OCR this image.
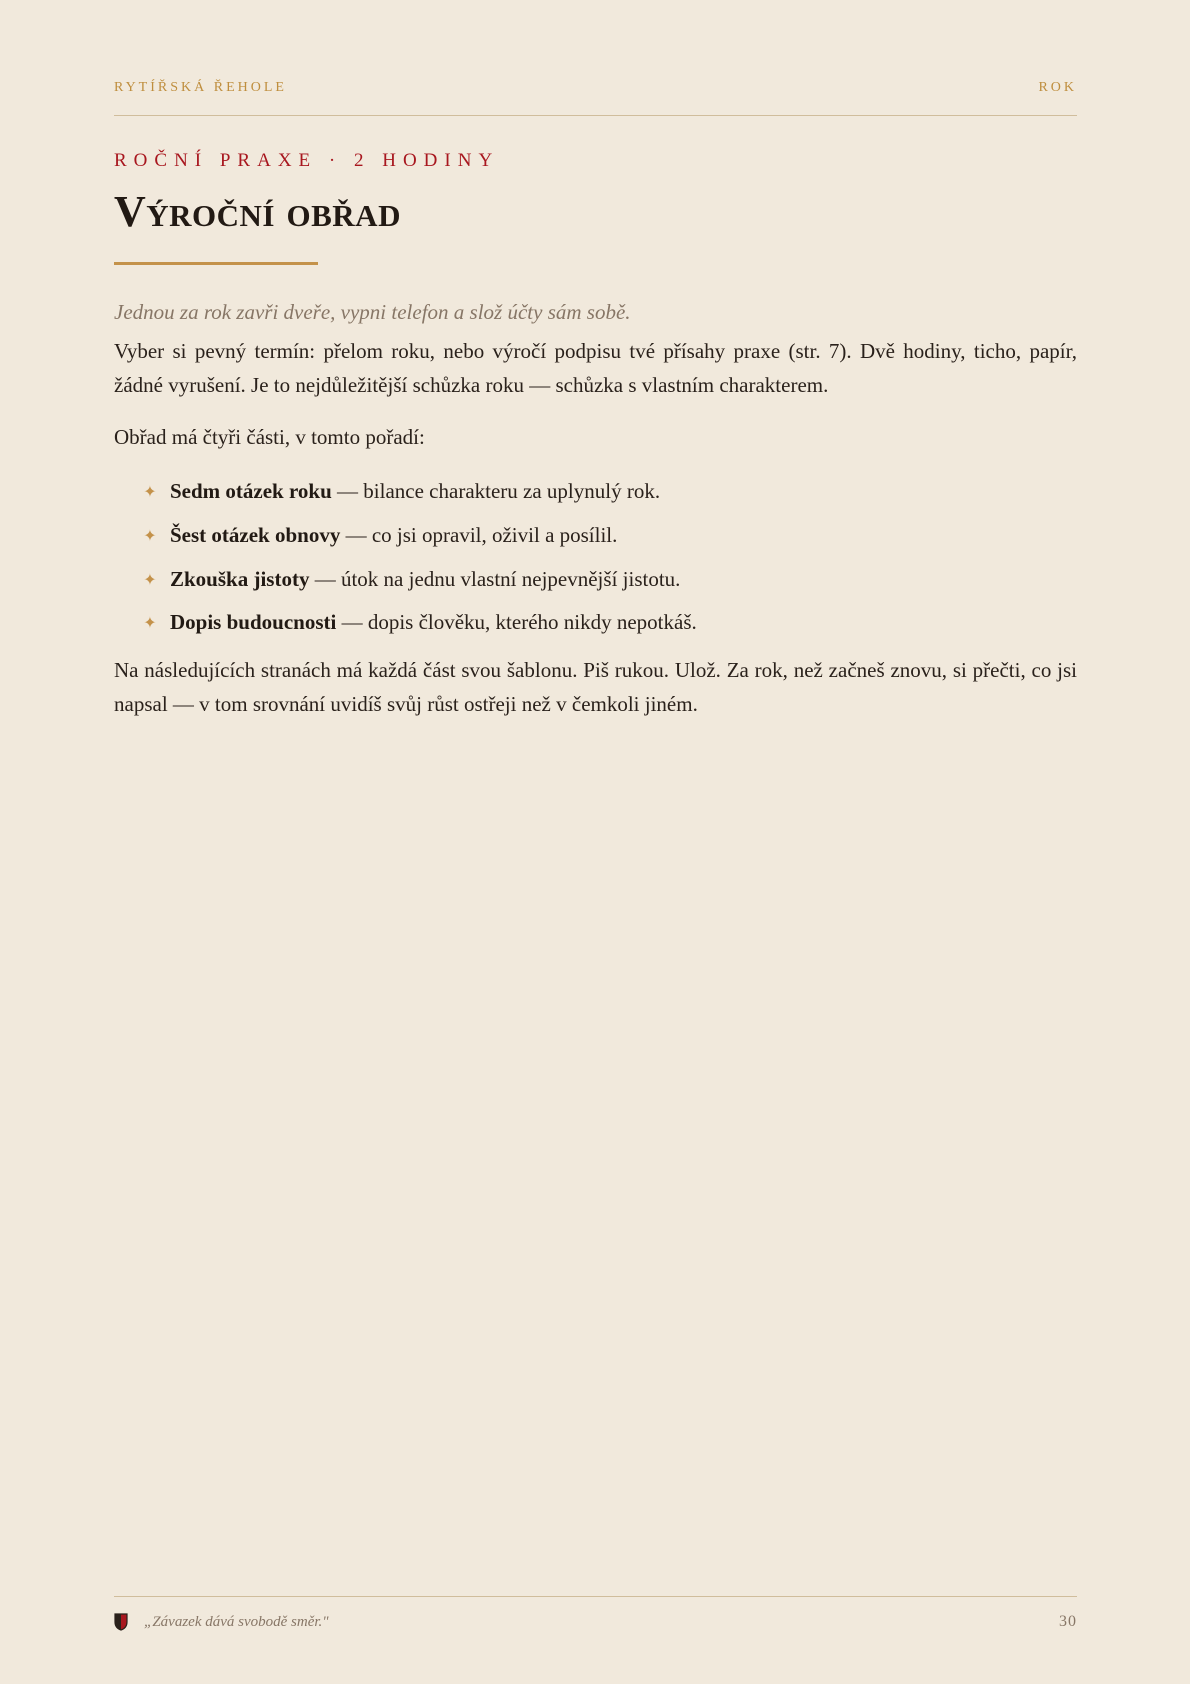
RYTÍŘSKÁ ŘEHOLE	ROK
ROČNÍ PRAXE · 2 HODINY
Výroční obřad
Jednou za rok zavři dveře, vypni telefon a slož účty sám sobě.
Vyber si pevný termín: přelom roku, nebo výročí podpisu tvé přísahy praxe (str. 7). Dvě hodiny, ticho, papír, žádné vyrušení. Je to nejdůležitější schůzka roku — schůzka s vlastním charakterem.
Obřad má čtyři části, v tomto pořadí:
✦ Sedm otázek roku — bilance charakteru za uplynulý rok.
✦ Šest otázek obnovy — co jsi opravil, oživil a posílil.
✦ Zkouška jistoty — útok na jednu vlastní nejpevnější jistotu.
✦ Dopis budoucnosti — dopis člověku, kterého nikdy nepotkáš.
Na následujících stranách má každá část svou šablonu. Piš rukou. Ulož. Za rok, než začneš znovu, si přečti, co jsi napsal — v tom srovnání uvidíš svůj růst ostřeji než v čemkoli jiném.
„Závazek dává svobodě směr."	30
